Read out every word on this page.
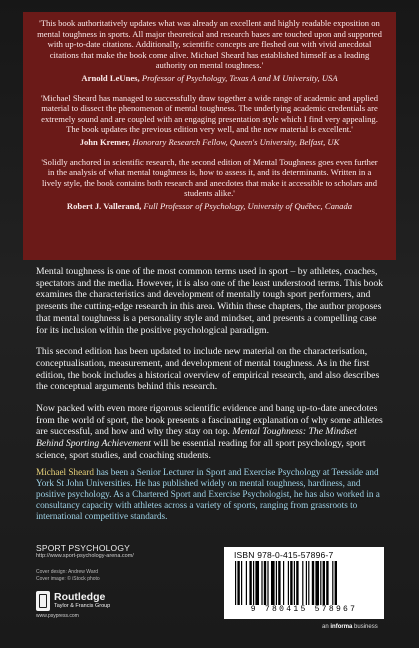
'This book authoritatively updates what was already an excellent and highly readable exposition on mental toughness in sports. All major theoretical and research bases are touched upon and supported with up-to-date citations. Additionally, scientific concepts are fleshed out with vivid anecdotal citations that make the book come alive. Michael Sheard has established himself as a leading authority on mental toughness.'

Arnold LeUnes, Professor of Psychology, Texas A and M University, USA

'Michael Sheard has managed to successfully draw together a wide range of academic and applied material to dissect the phenomenon of mental toughness. The underlying academic credentials are extremely sound and are coupled with an engaging presentation style which I find very appealing. The book updates the previous edition very well, and the new material is excellent.'

John Kremer, Honorary Research Fellow, Queen's University, Belfast, UK

'Solidly anchored in scientific research, the second edition of Mental Toughness goes even further in the analysis of what mental toughness is, how to assess it, and its determinants. Written in a lively style, the book contains both research and anecdotes that make it accessible to scholars and students alike.'

Robert J. Vallerand, Full Professor of Psychology, University of Québec, Canada

Mental toughness is one of the most common terms used in sport – by athletes, coaches, spectators and the media. However, it is also one of the least understood terms. This book examines the characteristics and development of mentally tough sport performers, and presents the cutting-edge research in this area. Within these chapters, the author proposes that mental toughness is a personality style and mindset, and presents a compelling case for its inclusion within the positive psychological paradigm.

This second edition has been updated to include new material on the characterisation, conceptualisation, measurement, and development of mental toughness. As in the first edition, the book includes a historical overview of empirical research, and also describes the conceptual arguments behind this research.

Now packed with even more rigorous scientific evidence and bang up-to-date anecdotes from the world of sport, the book presents a fascinating explanation of why some athletes are successful, and how and why they stay on top. Mental Toughness: The Mindset Behind Sporting Achievement will be essential reading for all sport psychology, sport science, sport studies, and coaching students.

Michael Sheard has been a Senior Lecturer in Sport and Exercise Psychology at Teesside and York St John Universities. He has published widely on mental toughness, hardiness, and positive psychology. As a Chartered Sport and Exercise Psychologist, he has also worked in a consultancy capacity with athletes across a variety of sports, ranging from grassroots to international competitive standards.
SPORT PSYCHOLOGY
http://www.sport-psychology-arena.com/
Cover design: Andrew Ward
Cover image: © iStock photo
Routledge
Taylor & Francis Group
www.psypress.com
ISBN 978-0-415-57896-7
9 780415 578967
an informa business
